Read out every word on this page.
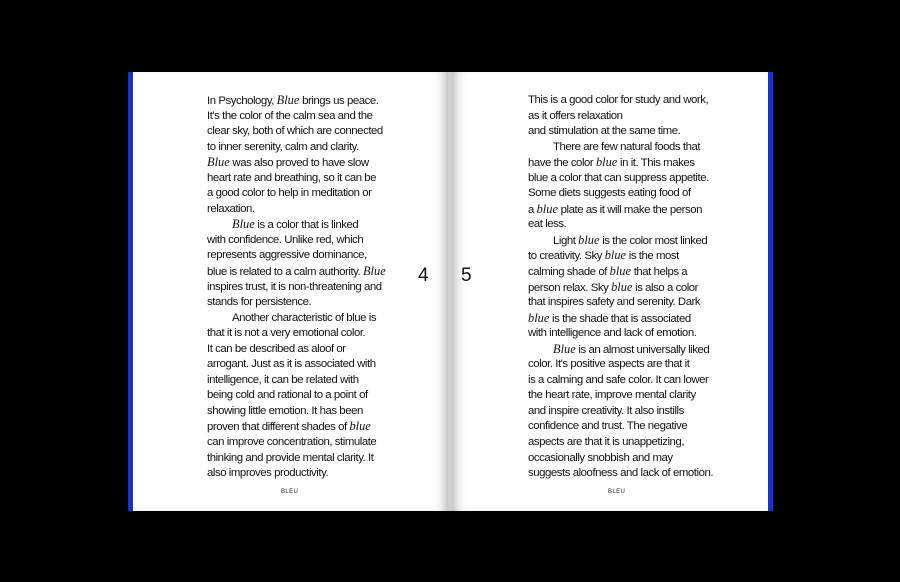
In Psychology, Blue brings us peace.
It's the color of the calm sea and the
clear sky, both of which are connected
to inner serenity, calm and clarity.
Blue was also proved to have slow
heart rate and breathing, so it can be
a good color to help in meditation or
relaxation.
Blue is a color that is linked
with confidence. Unlike red, which
represents aggressive dominance,
blue is related to a calm authority. Blue
inspires trust, it is non-threatening and
stands for persistence.
Another characteristic of blue is
that it is not a very emotional color.
It can be described as aloof or
arrogant. Just as it is associated with
intelligence, it can be related with
being cold and rational to a point of
showing little emotion. It has been
proven that different shades of blue
can improve concentration, stimulate
thinking and provide mental clarity. It
also improves productivity.
This is a good color for study and work,
as it offers relaxation
and stimulation at the same time.
There are few natural foods that
have the color blue in it. This makes
blue a color that can suppress appetite.
Some diets suggests eating food of
a blue plate as it will make the person
eat less.
Light blue is the color most linked
to creativity. Sky blue is the most
calming shade of blue that helps a
person relax. Sky blue is also a color
that inspires safety and serenity. Dark
blue is the shade that is associated
with intelligence and lack of emotion.
Blue is an almost universally liked
color. It's positive aspects are that it
is a calming and safe color. It can lower
the heart rate, improve mental clarity
and inspire creativity. It also instills
confidence and trust. The negative
aspects are that it is unappetizing,
occasionally snobbish and may
suggests aloofness and lack of emotion.
4 5
BLEU	BLEU
